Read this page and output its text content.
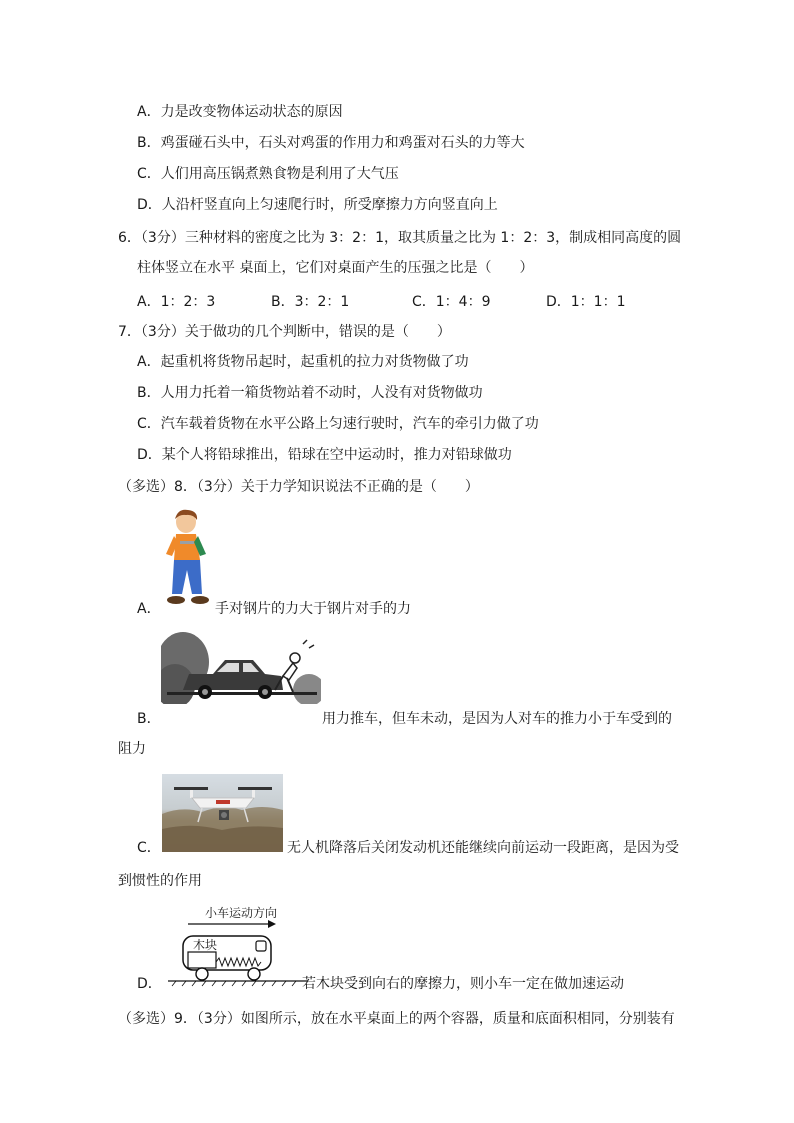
A．力是改变物体运动状态的原因
B．鸡蛋碰石头中，石头对鸡蛋的作用力和鸡蛋对石头的力等大
C．人们用高压锅煮熟食物是利用了大气压
D．人沿杆竖直向上匀速爬行时，所受摩擦力方向竖直向上
6．（3分）三种材料的密度之比为 3：2：1，取其质量之比为 1：2：3，制成相同高度的圆
柱体竖立在水平 桌面上，它们对桌面产生的压强之比是（　　）
A．1：2：3	B．3：2：1	C．1：4：9	D．1：1：1
7．（3分）关于做功的几个判断中，错误的是（　　）
A．起重机将货物吊起时，起重机的拉力对货物做了功
B．人用力托着一箱货物站着不动时，人没有对货物做功
C．汽车载着货物在水平公路上匀速行驶时，汽车的牵引力做了功
D．某个人将铅球推出，铅球在空中运动时，推力对铅球做功
（多选）8．（3分）关于力学知识说法不正确的是（　　）
A．	手对钢片的力大于钢片对手的力
B．	用力推车，但车未动，是因为人对车的推力小于车受到的
阻力
C．	无人机降落后关闭发动机还能继续向前运动一段距离，是因为受
到惯性的作用
小车运动方向
木块
D．	若木块受到向右的摩擦力，则小车一定在做加速运动
（多选）9．（3分）如图所示，放在水平桌面上的两个容器，质量和底面积相同，分别装有
